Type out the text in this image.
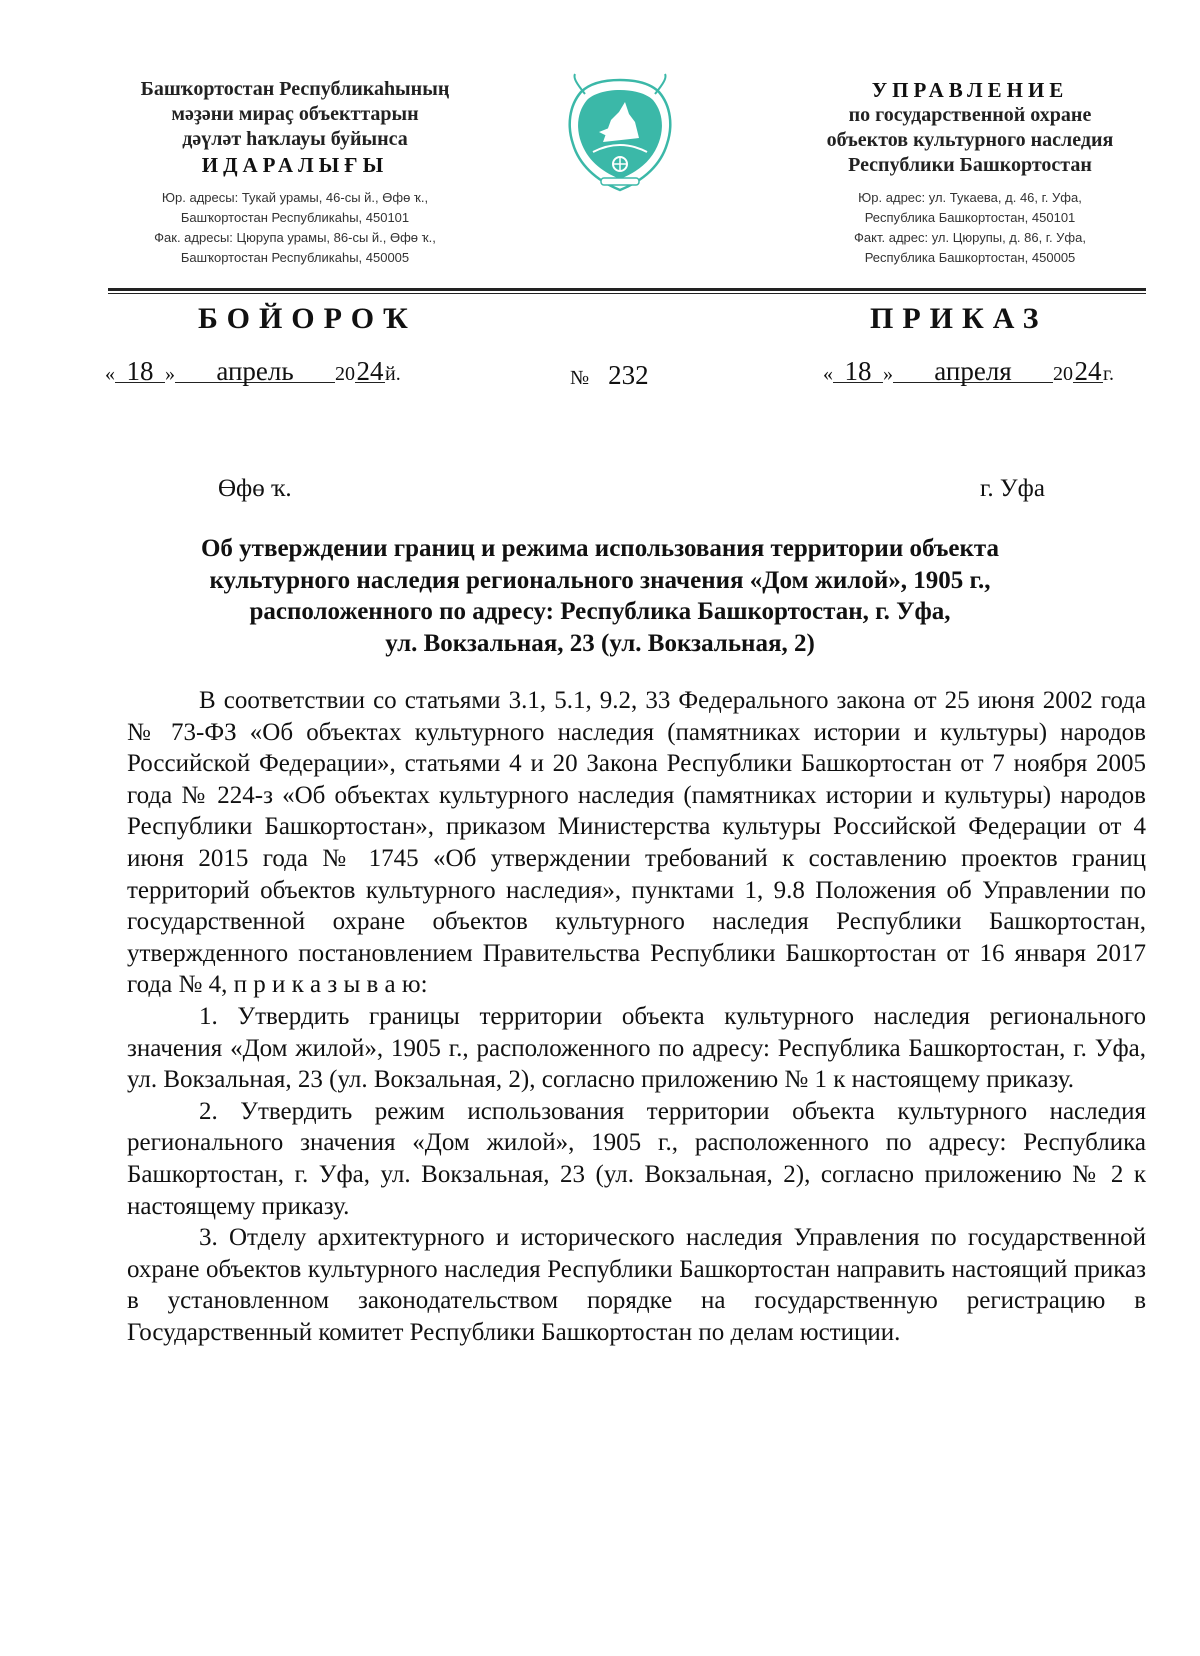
Башҡортостан Республикаһының
мәҙәни мираҫ объекттарын
дәүләт һаҡлауы буйынса
ИДАРАЛЫҒЫ
Юр. адресы: Тукай урамы, 46-сы й., Өфө ҡ.,
Башҡортостан Республикаһы, 450101
Фак. адресы: Цюрупа урамы, 86-сы й., Өфө ҡ.,
Башҡортостан Республикаһы, 450005
УПРАВЛЕНИЕ
по государственной охране
объектов культурного наследия
Республики Башкортостан
Юр. адрес: ул. Тукаева, д. 46, г. Уфа,
Республика Башкортостан, 450101
Факт. адрес: ул. Цюрупы, д. 86, г. Уфа,
Республика Башкортостан, 450005
БОЙОРОҠ	ПРИКАЗ
« 18 » апрель 2024й.	№ 232	« 18 » апреля 2024г.
Өфө ҡ.	г. Уфа
Об утверждении границ и режима использования территории объекта
культурного наследия регионального значения «Дом жилой», 1905 г.,
расположенного по адресу: Республика Башкортостан, г. Уфа,
ул. Вокзальная, 23 (ул. Вокзальная, 2)

В соответствии со статьями 3.1, 5.1, 9.2, 33 Федерального закона от 25 июня 2002 года № 73-ФЗ «Об объектах культурного наследия (памятниках истории и культуры) народов Российской Федерации», статьями 4 и 20 Закона Республики Башкортостан от 7 ноября 2005 года № 224-з «Об объектах культурного наследия (памятниках истории и культуры) народов Республики Башкортостан», приказом Министерства культуры Российской Федерации от 4 июня 2015 года № 1745 «Об утверждении требований к составлению проектов границ территорий объектов культурного наследия», пунктами 1, 9.8 Положения об Управлении по государственной охране объектов культурного наследия Республики Башкортостан, утвержденного постановлением Правительства Республики Башкортостан от 16 января 2017 года № 4, п р и к а з ы в а ю:

1. Утвердить границы территории объекта культурного наследия регионального значения «Дом жилой», 1905 г., расположенного по адресу: Республика Башкортостан, г. Уфа, ул. Вокзальная, 23 (ул. Вокзальная, 2), согласно приложению № 1 к настоящему приказу.

2. Утвердить режим использования территории объекта культурного наследия регионального значения «Дом жилой», 1905 г., расположенного по адресу: Республика Башкортостан, г. Уфа, ул. Вокзальная, 23 (ул. Вокзальная, 2), согласно приложению № 2 к настоящему приказу.

3. Отделу архитектурного и исторического наследия Управления по государственной охране объектов культурного наследия Республики Башкортостан направить настоящий приказ в установленном законодательством порядке на государственную регистрацию в Государственный комитет Республики Башкортостан по делам юстиции.
